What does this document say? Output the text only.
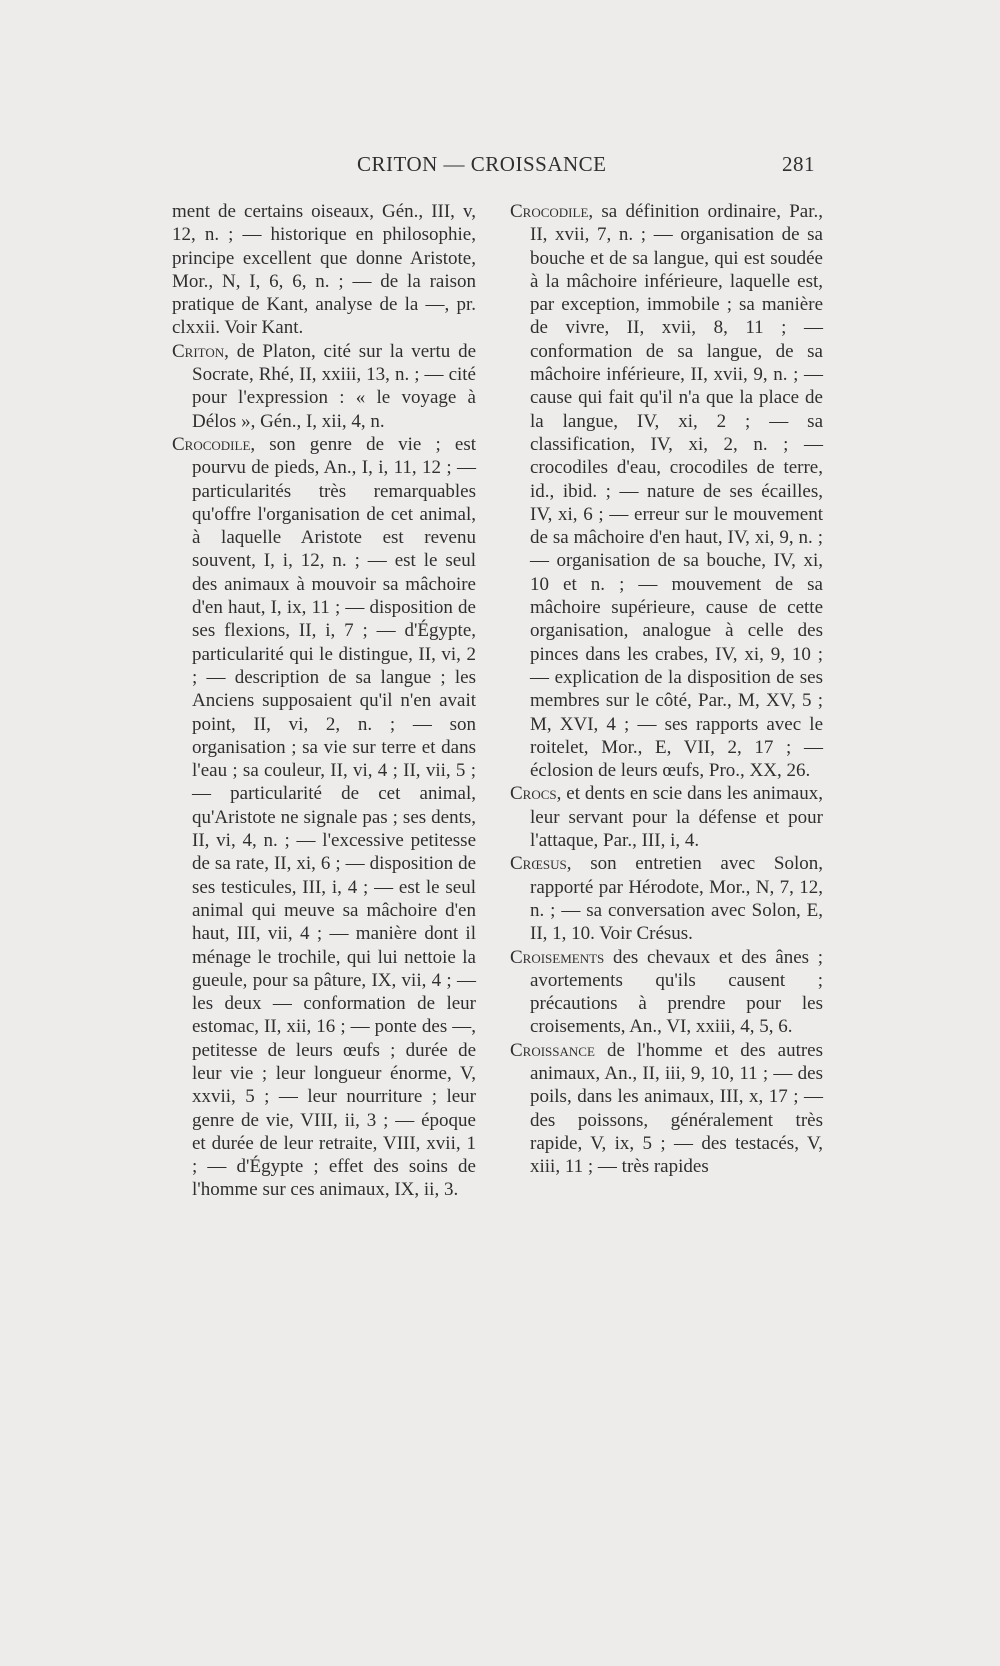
CRITON — CROISSANCE	281

ment de certains oiseaux, Gén., III, v, 12, n. ; — historique en philosophie, principe excellent que donne Aristote, Mor., N, I, 6, 6, n. ; — de la raison pratique de Kant, analyse de la —, pr. clxxii. Voir Kant.

Criton, de Platon, cité sur la vertu de Socrate, Rhé, II, xxiii, 13, n. ; — cité pour l'expression : « le voyage à Délos », Gén., I, xii, 4, n.

Crocodile, son genre de vie ; est pourvu de pieds, An., I, i, 11, 12 ; — particularités très remarquables qu'offre l'organisation de cet animal, à laquelle Aristote est revenu souvent, I, i, 12, n. ; — est le seul des animaux à mouvoir sa mâchoire d'en haut, I, ix, 11 ; — disposition de ses flexions, II, i, 7 ; — d'Égypte, particularité qui le distingue, II, vi, 2 ; — description de sa langue ; les Anciens supposaient qu'il n'en avait point, II, vi, 2, n. ; — son organisation ; sa vie sur terre et dans l'eau ; sa couleur, II, vi, 4 ; II, vii, 5 ; — particularité de cet animal, qu'Aristote ne signale pas ; ses dents, II, vi, 4, n. ; — l'excessive petitesse de sa rate, II, xi, 6 ; — disposition de ses testicules, III, i, 4 ; — est le seul animal qui meuve sa mâchoire d'en haut, III, vii, 4 ; — manière dont il ménage le trochile, qui lui nettoie la gueule, pour sa pâture, IX, vii, 4 ; — les deux — conformation de leur estomac, II, xii, 16 ; — ponte des —, petitesse de leurs œufs ; durée de leur vie ; leur longueur énorme, V, xxvii, 5 ; — leur nourriture ; leur genre de vie, VIII, ii, 3 ; — époque et durée de leur retraite, VIII, xvii, 1 ; — d'Égypte ; effet des soins de l'homme sur ces animaux, IX, ii, 3.

Crocodile, sa définition ordinaire, Par., II, xvii, 7, n. ; — organisation de sa bouche et de sa langue, qui est soudée à la mâchoire inférieure, laquelle est, par exception, immobile ; sa manière de vivre, II, xvii, 8, 11 ; — conformation de sa langue, de sa mâchoire inférieure, II, xvii, 9, n. ; — cause qui fait qu'il n'a que la place de la langue, IV, xi, 2 ; — sa classification, IV, xi, 2, n. ; — crocodiles d'eau, crocodiles de terre, id., ibid. ; — nature de ses écailles, IV, xi, 6 ; — erreur sur le mouvement de sa mâchoire d'en haut, IV, xi, 9, n. ; — organisation de sa bouche, IV, xi, 10 et n. ; — mouvement de sa mâchoire supérieure, cause de cette organisation, analogue à celle des pinces dans les crabes, IV, xi, 9, 10 ; — explication de la disposition de ses membres sur le côté, Par., M, XV, 5 ; M, XVI, 4 ; — ses rapports avec le roitelet, Mor., E, VII, 2, 17 ; — éclosion de leurs œufs, Pro., XX, 26.

Crocs, et dents en scie dans les animaux, leur servant pour la défense et pour l'attaque, Par., III, i, 4.

Crœsus, son entretien avec Solon, rapporté par Hérodote, Mor., N, 7, 12, n. ; — sa conversation avec Solon, E, II, 1, 10. Voir Crésus.

Croisements des chevaux et des ânes ; avortements qu'ils causent ; précautions à prendre pour les croisements, An., VI, xxiii, 4, 5, 6.

Croissance de l'homme et des autres animaux, An., II, iii, 9, 10, 11 ; — des poils, dans les animaux, III, x, 17 ; — des poissons, généralement très rapide, V, ix, 5 ; — des testacés, V, xiii, 11 ; — très rapides
